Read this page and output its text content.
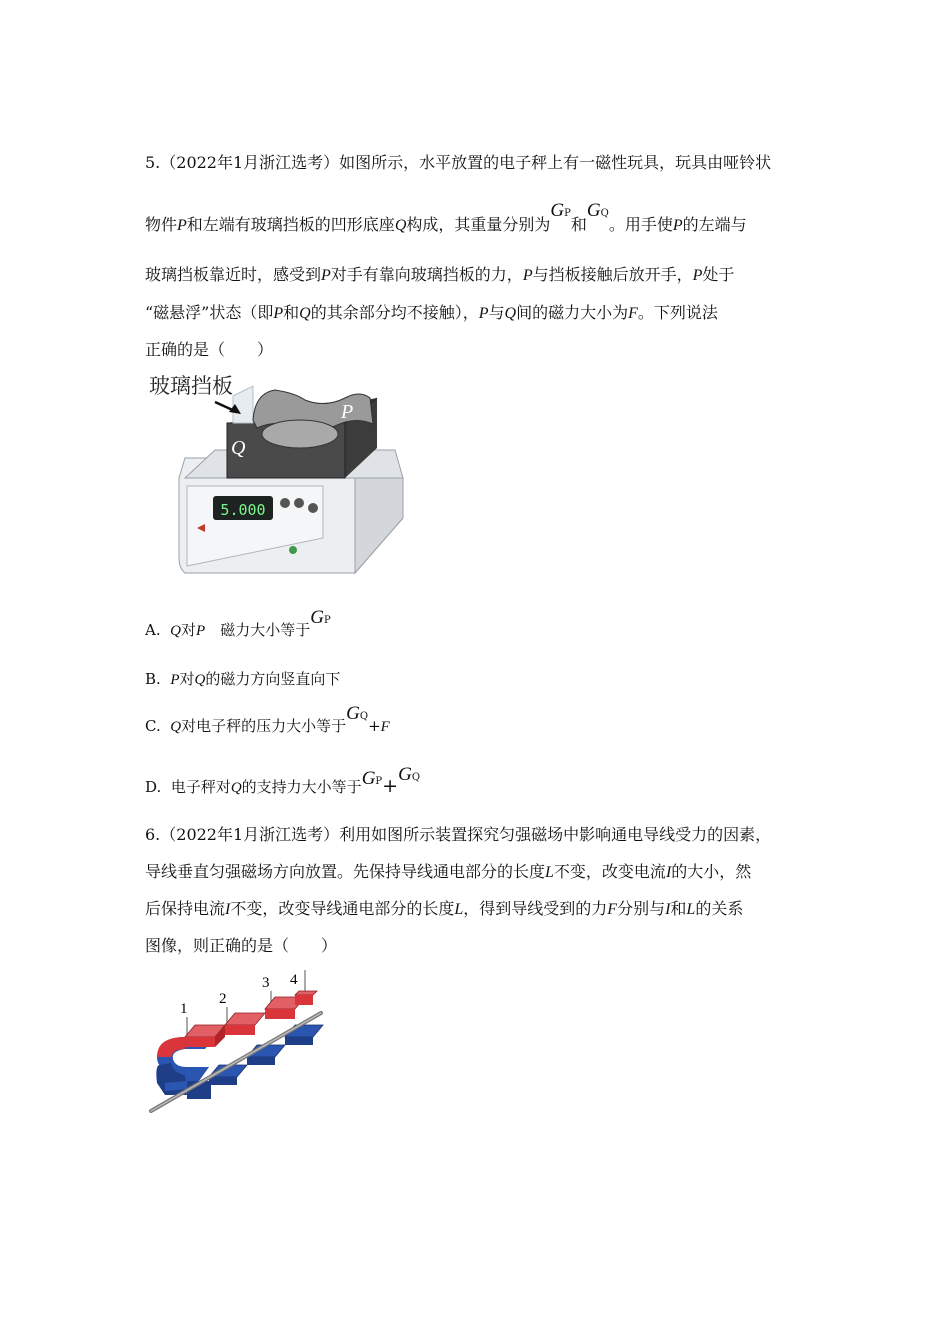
5.（2022年1月浙江选考）如图所示，水平放置的电子秤上有一磁性玩具，玩具由哑铃状
物件P和左端有玻璃挡板的凹形底座Q构成，其重量分别为GP和GQ。用手使P的左端与
玻璃挡板靠近时，感受到P对手有靠向玻璃挡板的力，P与挡板接触后放开手，P处于
“磁悬浮”状态（即P和Q的其余部分均不接触），P与Q间的磁力大小为F。下列说法
正确的是（　　）
5.000
Q
P
玻璃挡板
A. Q对P　磁力大小等于GP
B. P对Q的磁力方向竖直向下
C. Q对电子秤的压力大小等于GQ+F
D. 电子秤对Q的支持力大小等于GP+GQ
6.（2022年1月浙江选考）利用如图所示装置探究匀强磁场中影响通电导线受力的因素，
导线垂直匀强磁场方向放置。先保持导线通电部分的长度L不变，改变电流I的大小，然
后保持电流I不变，改变导线通电部分的长度L，得到导线受到的力F分别与I和L的关系
图像，则正确的是（　　）
1
2
3 4
